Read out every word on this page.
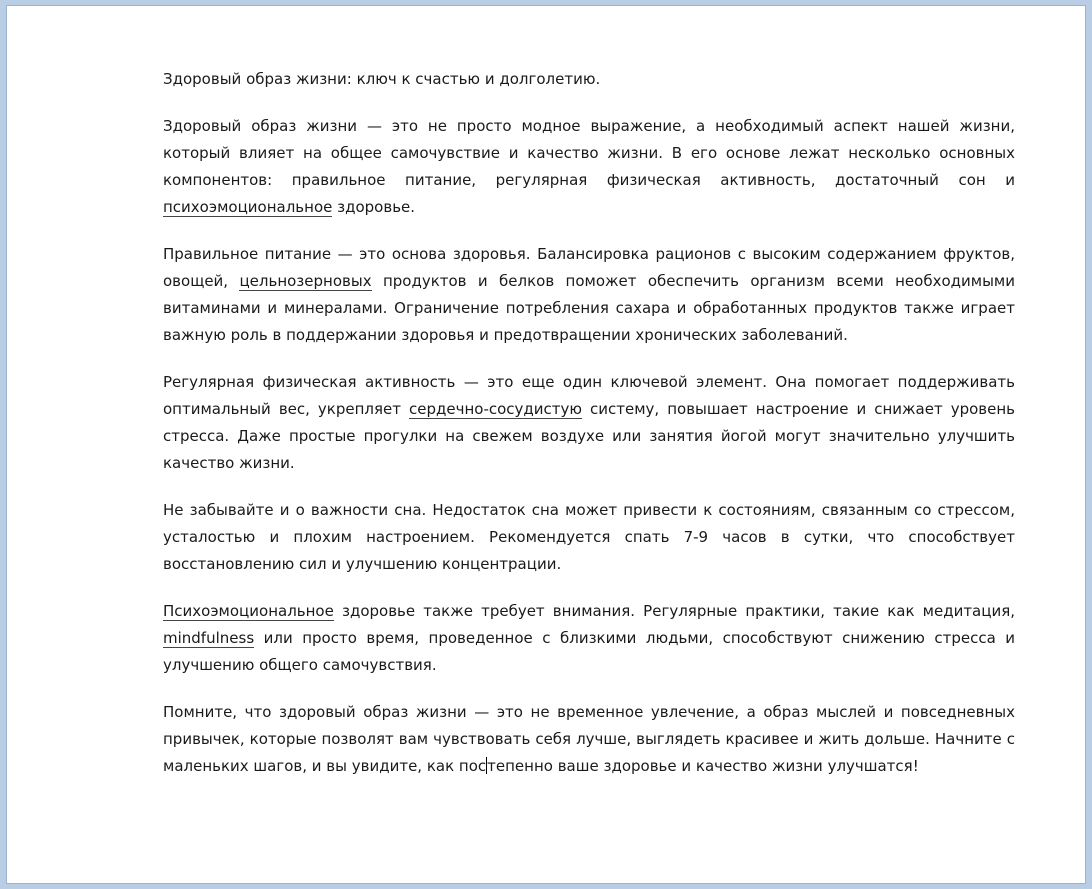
Здоровый образ жизни: ключ к счастью и долголетию.

Здоровый образ жизни — это не просто модное выражение, а необходимый аспект нашей жизни, который влияет на общее самочувствие и качество жизни. В его основе лежат несколько основных компонентов: правильное питание, регулярная физическая активность, достаточный сон и психоэмоциональное здоровье.

Правильное питание — это основа здоровья. Балансировка рационов с высоким содержанием фруктов, овощей, цельнозерновых продуктов и белков поможет обеспечить организм всеми необходимыми витаминами и минералами. Ограничение потребления сахара и обработанных продуктов также играет важную роль в поддержании здоровья и предотвращении хронических заболеваний.

Регулярная физическая активность — это еще один ключевой элемент. Она помогает поддерживать оптимальный вес, укрепляет сердечно-сосудистую систему, повышает настроение и снижает уровень стресса. Даже простые прогулки на свежем воздухе или занятия йогой могут значительно улучшить качество жизни.

Не забывайте и о важности сна. Недостаток сна может привести к состояниям, связанным со стрессом, усталостью и плохим настроением. Рекомендуется спать 7-9 часов в сутки, что способствует восстановлению сил и улучшению концентрации.

Психоэмоциональное здоровье также требует внимания. Регулярные практики, такие как медитация, mindfulness или просто время, проведенное с близкими людьми, способствуют снижению стресса и улучшению общего самочувствия.

Помните, что здоровый образ жизни — это не временное увлечение, а образ мыслей и повседневных привычек, которые позволят вам чувствовать себя лучше, выглядеть красивее и жить дольше. Начните с маленьких шагов, и вы увидите, как постепенно ваше здоровье и качество жизни улучшатся!
